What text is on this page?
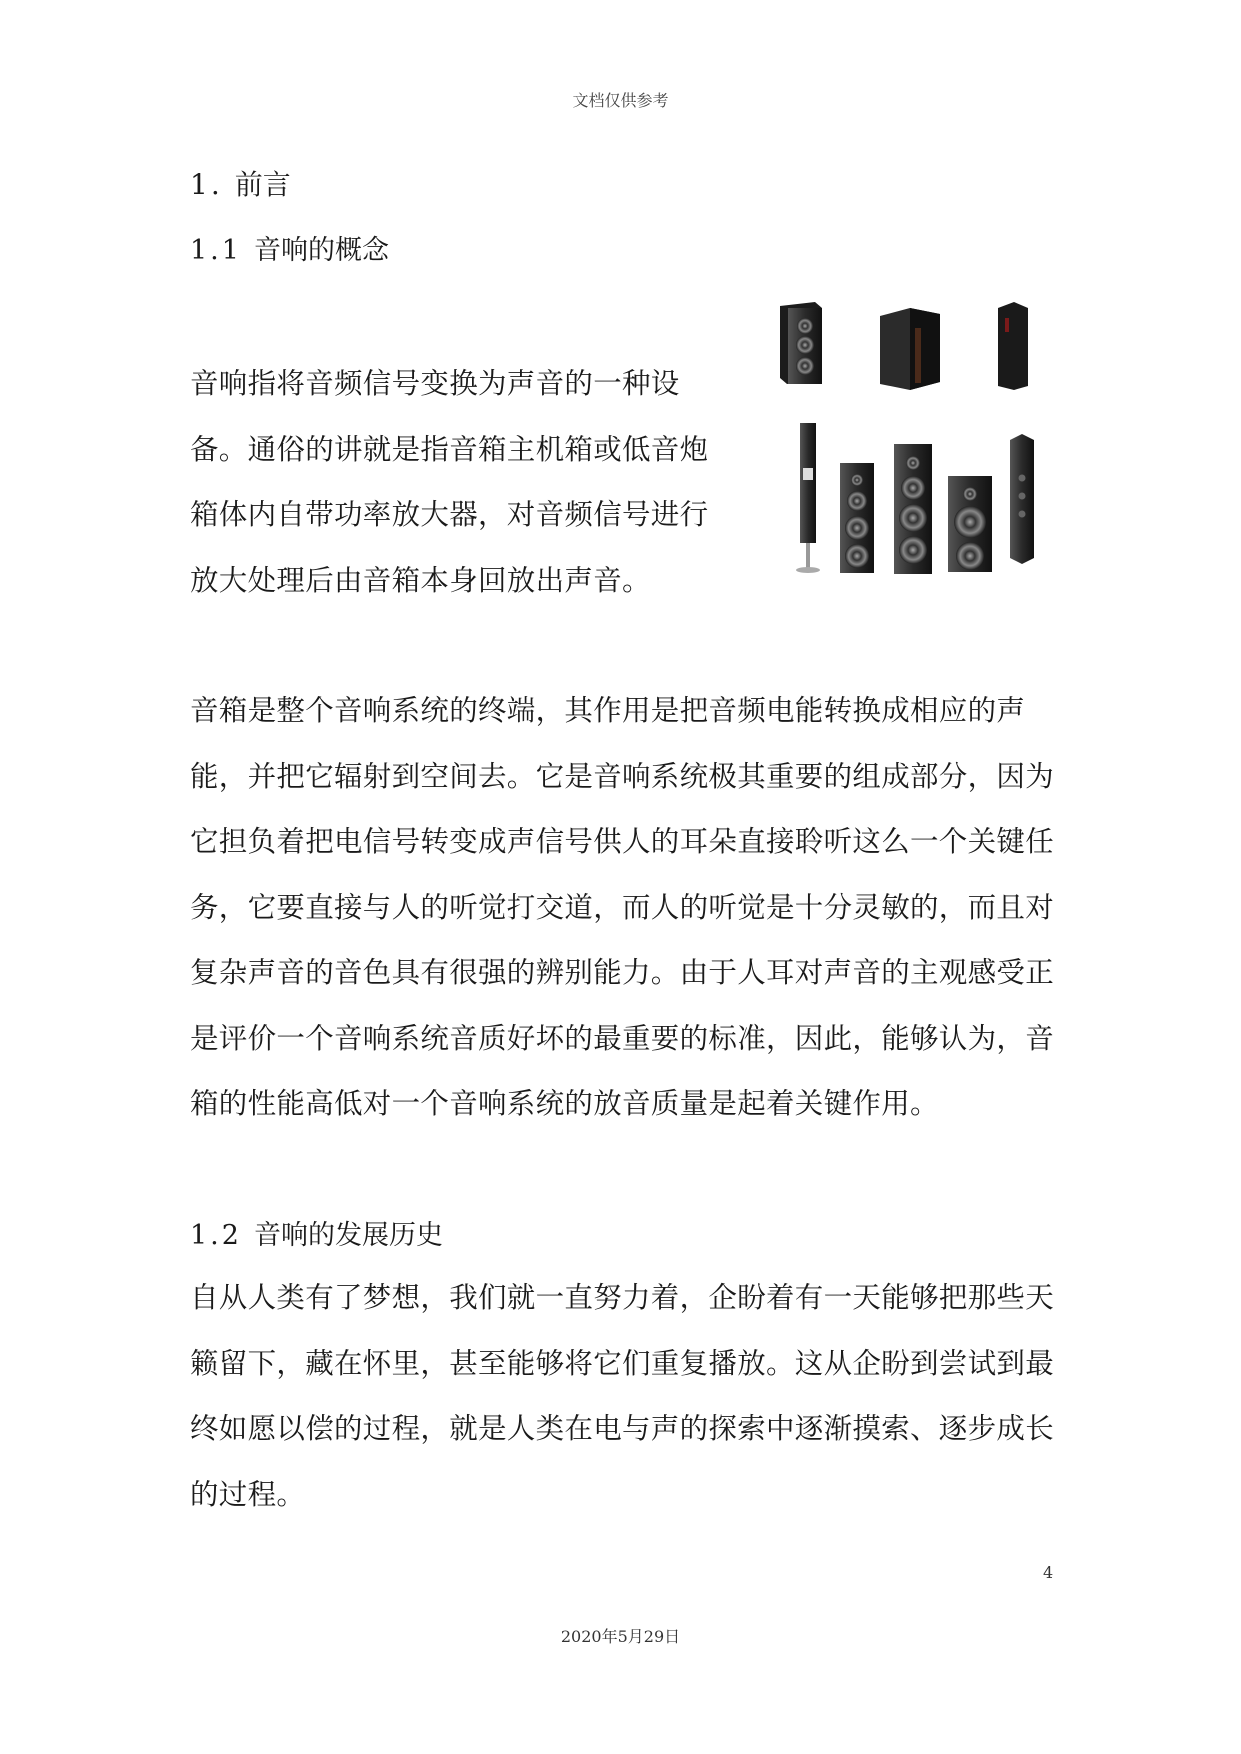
文档仅供参考
1. 前言
1.1 音响的概念

音响指将音频信号变换为声音的一种设备。通俗的讲就是指音箱主机箱或低音炮箱体内自带功率放大器，对音频信号进行放大处理后由音箱本身回放出声音。

音箱是整个音响系统的终端，其作用是把音频电能转换成相应的声能，并把它辐射到空间去。它是音响系统极其重要的组成部分，因为它担负着把电信号转变成声信号供人的耳朵直接聆听这么一个关键任务，它要直接与人的听觉打交道，而人的听觉是十分灵敏的，而且对复杂声音的音色具有很强的辨别能力。由于人耳对声音的主观感受正是评价一个音响系统音质好坏的最重要的标准，因此，能够认为，音箱的性能高低对一个音响系统的放音质量是起着关键作用。

1.2 音响的发展历史

自从人类有了梦想，我们就一直努力着，企盼着有一天能够把那些天籁留下，藏在怀里，甚至能够将它们重复播放。这从企盼到尝试到最终如愿以偿的过程，就是人类在电与声的探索中逐渐摸索、逐步成长的过程。

4
2020年5月29日
